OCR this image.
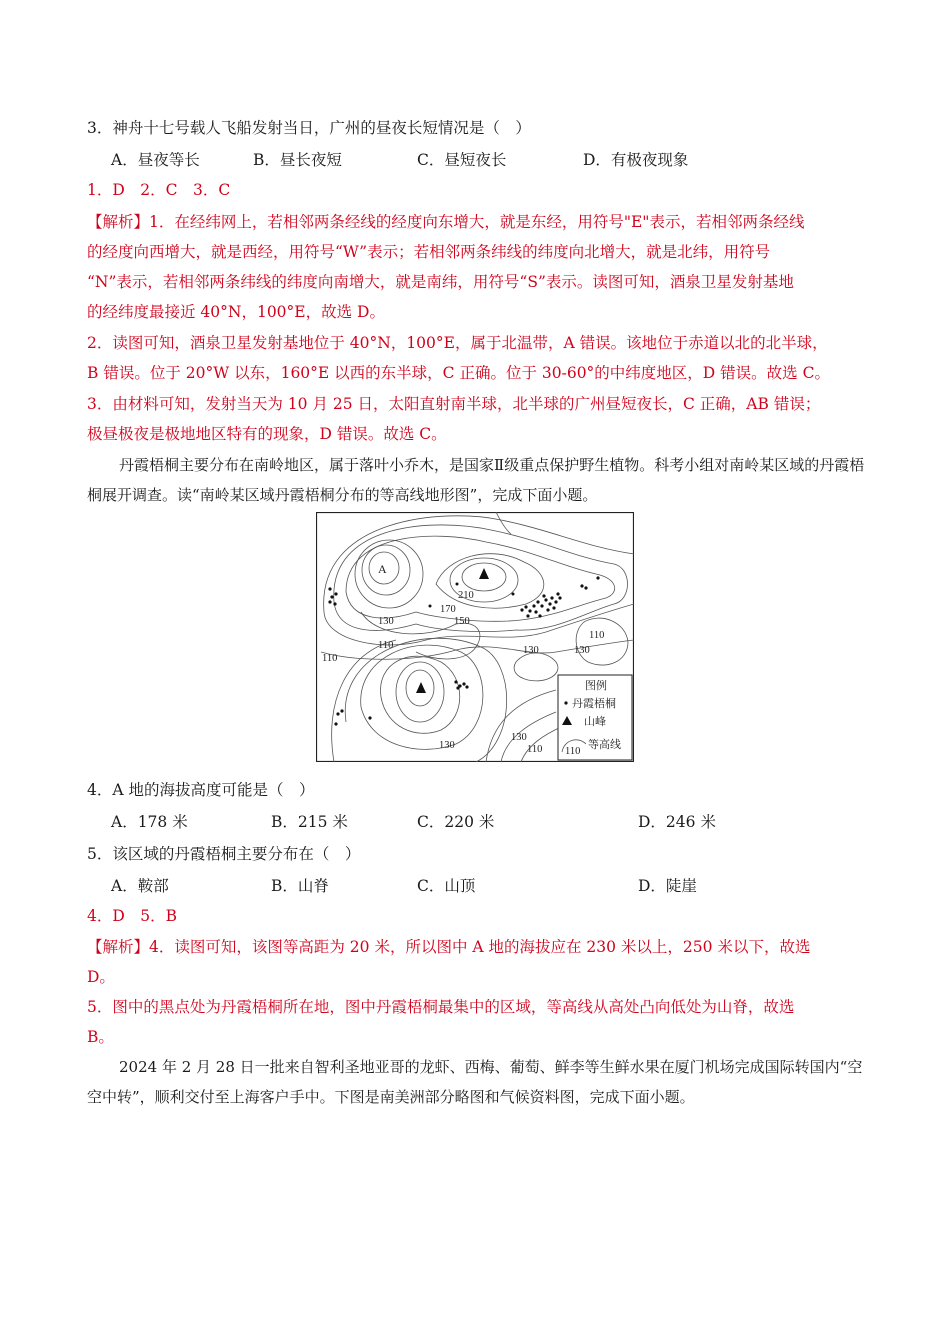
3．神舟十七号载人飞船发射当日，广州的昼夜长短情况是（　）
A．昼夜等长	B．昼长夜短	C．昼短夜长	D．有极夜现象
1．D　2．C　3．C
【解析】1．在经纬网上，若相邻两条经线的经度向东增大，就是东经，用符号"E"表示，若相邻两条经线
的经度向西增大，就是西经，用符号“W”表示；若相邻两条纬线的纬度向北增大，就是北纬，用符号
“N”表示，若相邻两条纬线的纬度向南增大，就是南纬，用符号“S”表示。读图可知，酒泉卫星发射基地
的经纬度最接近 40°N，100°E，故选 D。
2．读图可知，酒泉卫星发射基地位于 40°N，100°E，属于北温带，A 错误。该地位于赤道以北的北半球，
B 错误。位于 20°W 以东，160°E 以西的东半球，C 正确。位于 30-60°的中纬度地区，D 错误。故选 C。
3．由材料可知，发射当天为 10 月 25 日，太阳直射南半球，北半球的广州昼短夜长，C 正确，AB 错误；
极昼极夜是极地地区特有的现象，D 错误。故选 C。
丹霞梧桐主要分布在南岭地区，属于落叶小乔木，是国家Ⅱ级重点保护野生植物。科考小组对南岭某区域的丹霞梧桐展开调查。读“南岭某区域丹霞梧桐分布的等高线地形图”，完成下面小题。
A
210
170
150
130
110	130
110
130
110
130
130
110
图例
丹霞梧桐
山峰
110
等高线
4．A 地的海拔高度可能是（　）
A．178 米	B．215 米	C．220 米	D．246 米
5．该区域的丹霞梧桐主要分布在（　）
A．鞍部	B．山脊	C．山顶	D．陡崖
4．D　5．B
【解析】4．读图可知，该图等高距为 20 米，所以图中 A 地的海拔应在 230 米以上，250 米以下，故选
D。
5．图中的黑点处为丹霞梧桐所在地，图中丹霞梧桐最集中的区域，等高线从高处凸向低处为山脊，故选
B。
2024 年 2 月 28 日一批来自智利圣地亚哥的龙虾、西梅、葡萄、鲜李等生鲜水果在厦门机场完成国际转国内“空空中转”，顺利交付至上海客户手中。下图是南美洲部分略图和气候资料图，完成下面小题。
